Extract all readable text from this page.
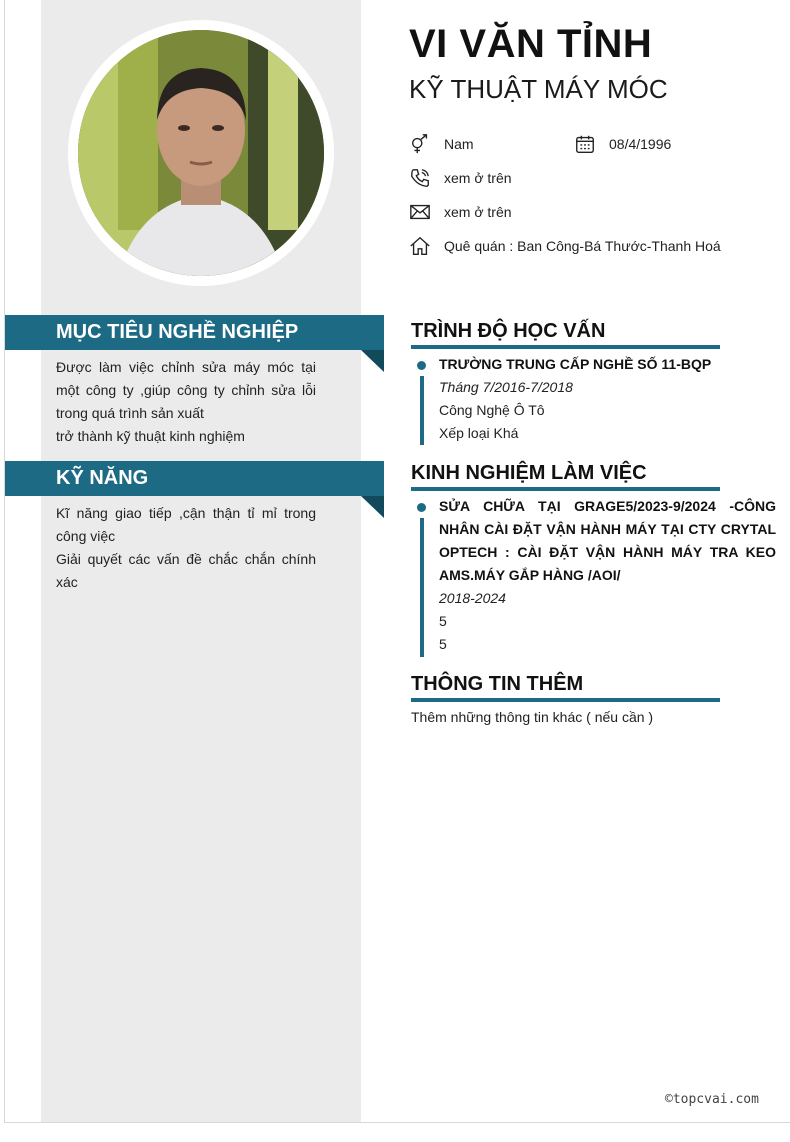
VI VĂN TỈNH
KỸ THUẬT MÁY MÓC
Nam	08/4/1996
xem ở trên
xem ở trên
Quê quán : Ban Công-Bá Thước-Thanh Hoá
MỤC TIÊU NGHỀ NGHIỆP

Được làm việc chỉnh sửa máy móc tại một công ty ,giúp công ty chỉnh sửa lỗi trong quá trình sản xuất

trở thành kỹ thuật kinh nghiệm

KỸ NĂNG

Kĩ năng giao tiếp ,cận thận tỉ mỉ trong công việc

Giải quyết các vấn đề chắc chắn chính xác

TRÌNH ĐỘ HỌC VẤN
TRƯỜNG TRUNG CẤP NGHỀ SỐ 11-BQP
Tháng 7/2016-7/2018
Công Nghệ Ô Tô
Xếp loại Khá
KINH NGHIỆM LÀM VIỆC
SỬA CHỮA TẠI GRAGE5/2023-9/2024 -CÔNG NHÂN CÀI ĐẶT VẬN HÀNH MÁY TẠI CTY CRYTAL OPTECH : CÀI ĐẶT VẬN HÀNH MÁY TRA KEO AMS.MÁY GẮP HÀNG /AOI/
2018-2024
5
5
THÔNG TIN THÊM
Thêm những thông tin khác ( nếu cần )
©topcvai.com
